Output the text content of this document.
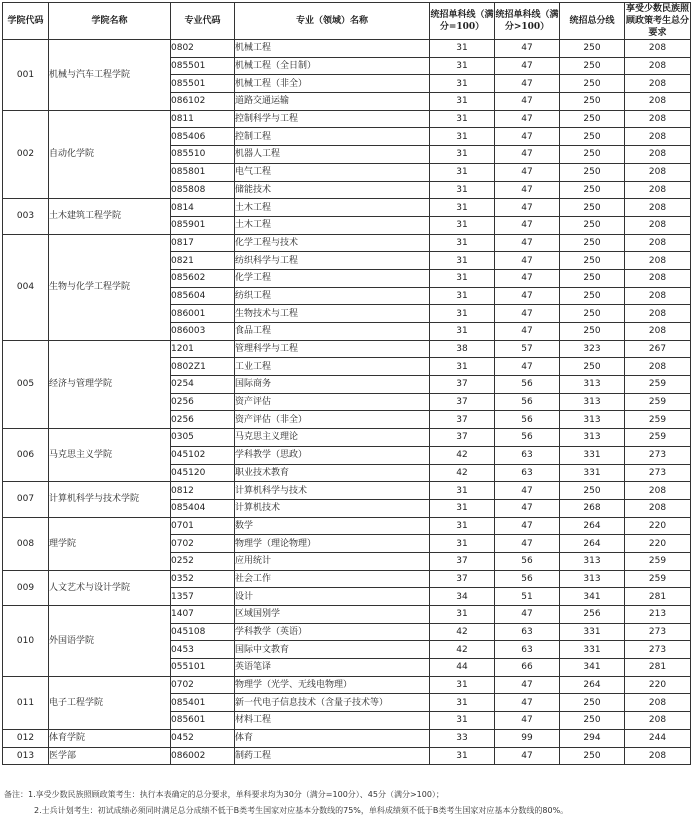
学院代码	学院名称	专业代码	专业（领域）名称	统招单科线（满分=100）	统招单科线（满分>100）	统招总分线	享受少数民族照顾政策考生总分要求
001	机械与汽车工程学院	0802	机械工程	31	47	250	208
		085501	机械工程（全日制）	31	47	250	208
		085501	机械工程（非全）	31	47	250	208
		086102	道路交通运输	31	47	250	208
002	自动化学院	0811	控制科学与工程	31	47	250	208
		085406	控制工程	31	47	250	208
		085510	机器人工程	31	47	250	208
		085801	电气工程	31	47	250	208
		085808	储能技术	31	47	250	208
003	土木建筑工程学院	0814	土木工程	31	47	250	208
		085901	土木工程	31	47	250	208
004	生物与化学工程学院	0817	化学工程与技术	31	47	250	208
		0821	纺织科学与工程	31	47	250	208
		085602	化学工程	31	47	250	208
		085604	纺织工程	31	47	250	208
		086001	生物技术与工程	31	47	250	208
		086003	食品工程	31	47	250	208
005	经济与管理学院	1201	管理科学与工程	38	57	323	267
		0802Z1	工业工程	31	47	250	208
		0254	国际商务	37	56	313	259
		0256	资产评估	37	56	313	259
		0256	资产评估（非全）	37	56	313	259
006	马克思主义学院	0305	马克思主义理论	37	56	313	259
		045102	学科教学（思政）	42	63	331	273
		045120	职业技术教育	42	63	331	273
007	计算机科学与技术学院	0812	计算机科学与技术	31	47	250	208
		085404	计算机技术	31	47	268	208
008	理学院	0701	数学	31	47	264	220
		0702	物理学（理论物理）	31	47	264	220
		0252	应用统计	37	56	313	259
009	人文艺术与设计学院	0352	社会工作	37	56	313	259
		1357	设计	34	51	341	281
010	外国语学院	1407	区域国别学	31	47	256	213
		045108	学科教学（英语）	42	63	331	273
		0453	国际中文教育	42	63	331	273
		055101	英语笔译	44	66	341	281
011	电子工程学院	0702	物理学（光学、无线电物理）	31	47	264	220
		085401	新一代电子信息技术（含量子技术等）	31	47	250	208
		085601	材料工程	31	47	250	208
012	体育学院	0452	体育	33	99	294	244
013	医学部	086002	制药工程	31	47	250	208
备注：1.享受少数民族照顾政策考生：执行本表确定的总分要求，单科要求均为30分（满分=100分）、45分（满分>100）；
2.士兵计划考生：初试成绩必须同时满足总分成绩不低于B类考生国家对应基本分数线的75%，单科成绩须不低于B类考生国家对应基本分数线的80%。
